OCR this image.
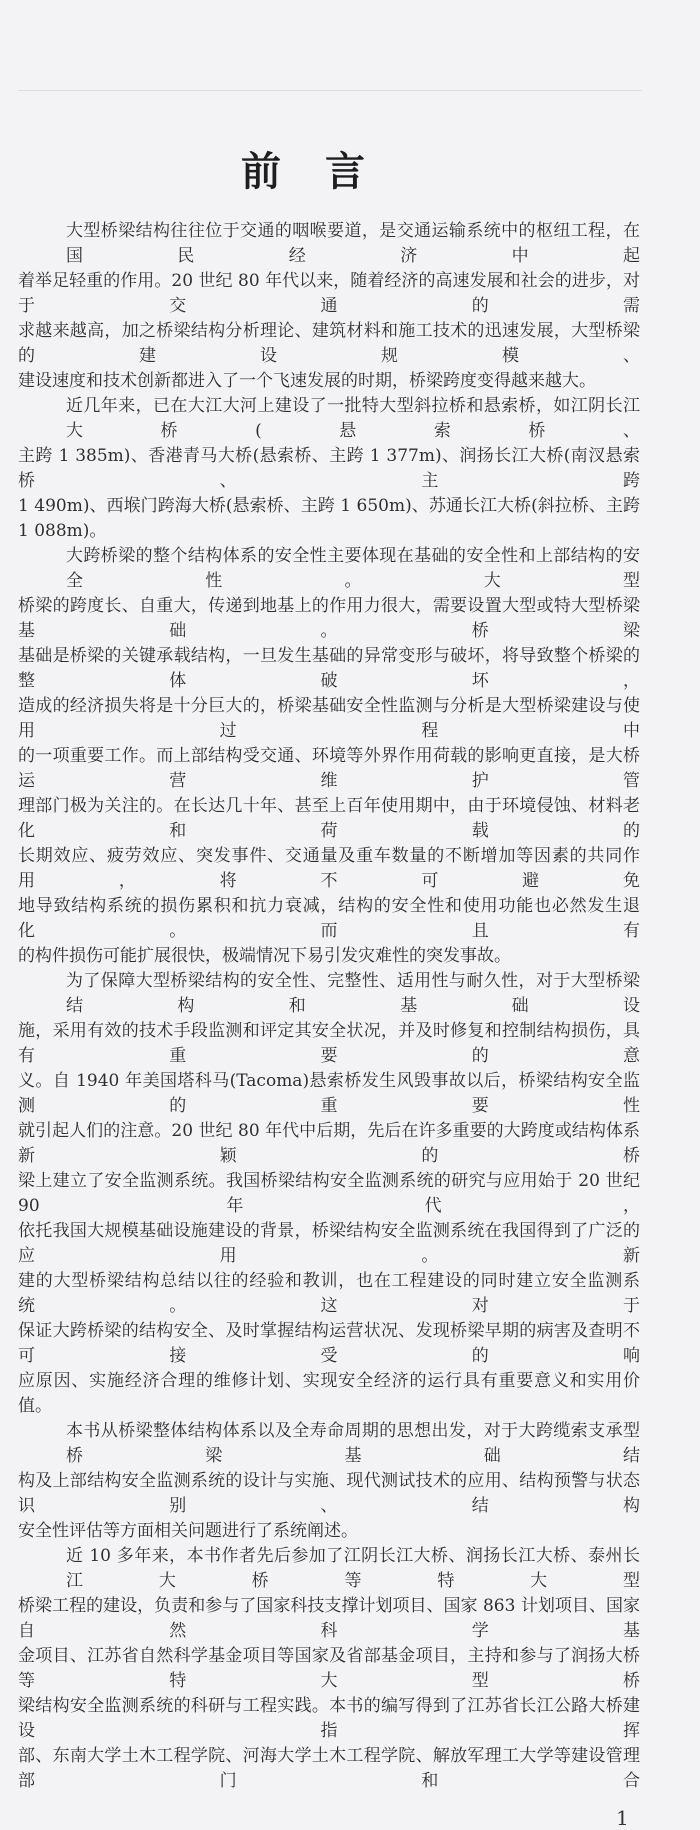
前言
大型桥梁结构往往位于交通的咽喉要道，是交通运输系统中的枢纽工程，在国民经济中起
着举足轻重的作用。20 世纪 80 年代以来，随着经济的高速发展和社会的进步，对于交通的需
求越来越高，加之桥梁结构分析理论、建筑材料和施工技术的迅速发展，大型桥梁的建设规模、
建设速度和技术创新都进入了一个飞速发展的时期，桥梁跨度变得越来越大。
近几年来，已在大江大河上建设了一批特大型斜拉桥和悬索桥，如江阴长江大桥(悬索桥、
主跨 1 385m)、香港青马大桥(悬索桥、主跨 1 377m)、润扬长江大桥(南汊悬索桥、主跨
1 490m)、西堠门跨海大桥(悬索桥、主跨 1 650m)、苏通长江大桥(斜拉桥、主跨 1 088m)。
大跨桥梁的整个结构体系的安全性主要体现在基础的安全性和上部结构的安全性。大型
桥梁的跨度长、自重大，传递到地基上的作用力很大，需要设置大型或特大型桥梁基础。桥梁
基础是桥梁的关键承载结构，一旦发生基础的异常变形与破坏，将导致整个桥梁的整体破坏，
造成的经济损失将是十分巨大的，桥梁基础安全性监测与分析是大型桥梁建设与使用过程中
的一项重要工作。而上部结构受交通、环境等外界作用荷载的影响更直接，是大桥运营维护管
理部门极为关注的。在长达几十年、甚至上百年使用期中，由于环境侵蚀、材料老化和荷载的
长期效应、疲劳效应、突发事件、交通量及重车数量的不断增加等因素的共同作用，将不可避免
地导致结构系统的损伤累积和抗力衰减，结构的安全性和使用功能也必然发生退化。而且有
的构件损伤可能扩展很快，极端情况下易引发灾难性的突发事故。
为了保障大型桥梁结构的安全性、完整性、适用性与耐久性，对于大型桥梁结构和基础设
施，采用有效的技术手段监测和评定其安全状况，并及时修复和控制结构损伤，具有重要的意
义。自 1940 年美国塔科马(Tacoma)悬索桥发生风毁事故以后，桥梁结构安全监测的重要性
就引起人们的注意。20 世纪 80 年代中后期，先后在许多重要的大跨度或结构体系新颖的桥
梁上建立了安全监测系统。我国桥梁结构安全监测系统的研究与应用始于 20 世纪 90 年代，
依托我国大规模基础设施建设的背景，桥梁结构安全监测系统在我国得到了广泛的应用。新
建的大型桥梁结构总结以往的经验和教训，也在工程建设的同时建立安全监测系统。这对于
保证大跨桥梁的结构安全、及时掌握结构运营状况、发现桥梁早期的病害及查明不可接受的响
应原因、实施经济合理的维修计划、实现安全经济的运行具有重要意义和实用价值。
本书从桥梁整体结构体系以及全寿命周期的思想出发，对于大跨缆索支承型桥梁基础结
构及上部结构安全监测系统的设计与实施、现代测试技术的应用、结构预警与状态识别、结构
安全性评估等方面相关问题进行了系统阐述。
近 10 多年来，本书作者先后参加了江阴长江大桥、润扬长江大桥、泰州长江大桥等特大型
桥梁工程的建设，负责和参与了国家科技支撑计划项目、国家 863 计划项目、国家自然科学基
金项目、江苏省自然科学基金项目等国家及省部基金项目，主持和参与了润扬大桥等特大型桥
梁结构安全监测系统的科研与工程实践。本书的编写得到了江苏省长江公路大桥建设指挥
部、东南大学土木工程学院、河海大学土木工程学院、解放军理工大学等建设管理部门和合
1
